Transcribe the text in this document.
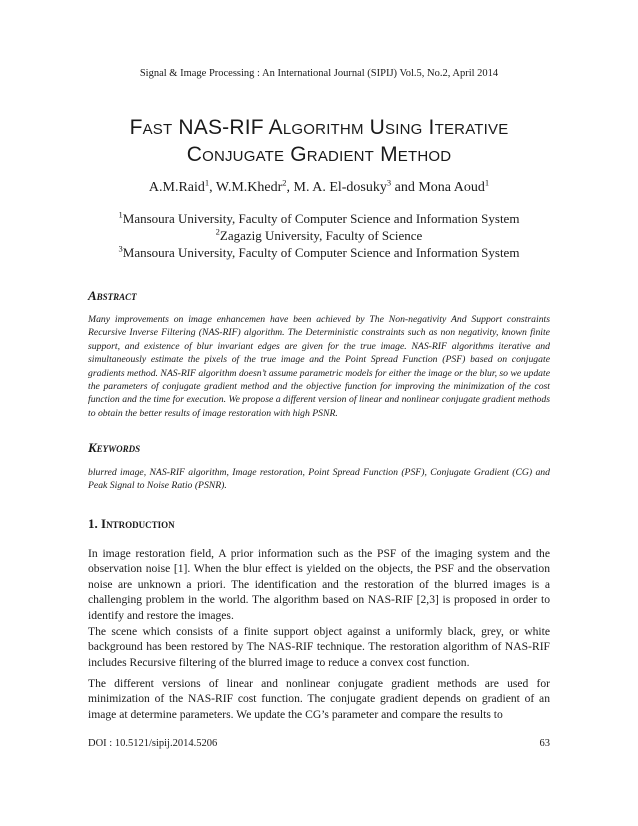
Signal & Image Processing : An International Journal (SIPIJ) Vol.5, No.2, April 2014
Fast NAS-RIF Algorithm Using Iterative
Conjugate Gradient Method
A.M.Raid$^1$, W.M.Khedr$^2$, M. A. El-dosuky$^3$ and Mona Aoud$^1$
$^1$Mansoura University, Faculty of Computer Science and Information System
$^2$Zagazig University, Faculty of Science
$^3$Mansoura University, Faculty of Computer Science and Information System
Abstract
Many improvements on image enhancemen have been achieved by The Non-negativity And Support constraints Recursive Inverse Filtering (NAS-RIF) algorithm. The Deterministic constraints such as non negativity, known finite support, and existence of blur invariant edges are given for the true image. NAS-RIF algorithms iterative and simultaneously estimate the pixels of the true image and the Point Spread Function (PSF) based on conjugate gradients method. NAS-RIF algorithm doesn’t assume parametric models for either the image or the blur, so we update the parameters of conjugate gradient method and the objective function for improving the minimization of the cost function and the time for execution. We propose a different version of linear and nonlinear conjugate gradient methods to obtain the better results of image restoration with high PSNR.
Keywords
blurred image, NAS-RIF algorithm, Image restoration, Point Spread Function (PSF), Conjugate Gradient (CG) and Peak Signal to Noise Ratio (PSNR).
1. Introduction
In image restoration field, A prior information such as the PSF of the imaging system and the observation noise [1]. When the blur effect is yielded on the objects, the PSF and the observation noise are unknown a priori. The identification and the restoration of the blurred images is a challenging problem in the world. The algorithm based on NAS-RIF [2,3] is proposed in order to identify and restore the images.
The scene which consists of a finite support object against a uniformly black, grey, or white background has been restored by The NAS-RIF technique. The restoration algorithm of NAS-RIF includes Recursive filtering of the blurred image to reduce a convex cost function.
The different versions of linear and nonlinear conjugate gradient methods are used for minimization of the NAS-RIF cost function. The conjugate gradient depends on gradient of an image at determine parameters. We update the CG’s parameter and compare the results to
DOI : 10.5121/sipij.2014.5206	63
